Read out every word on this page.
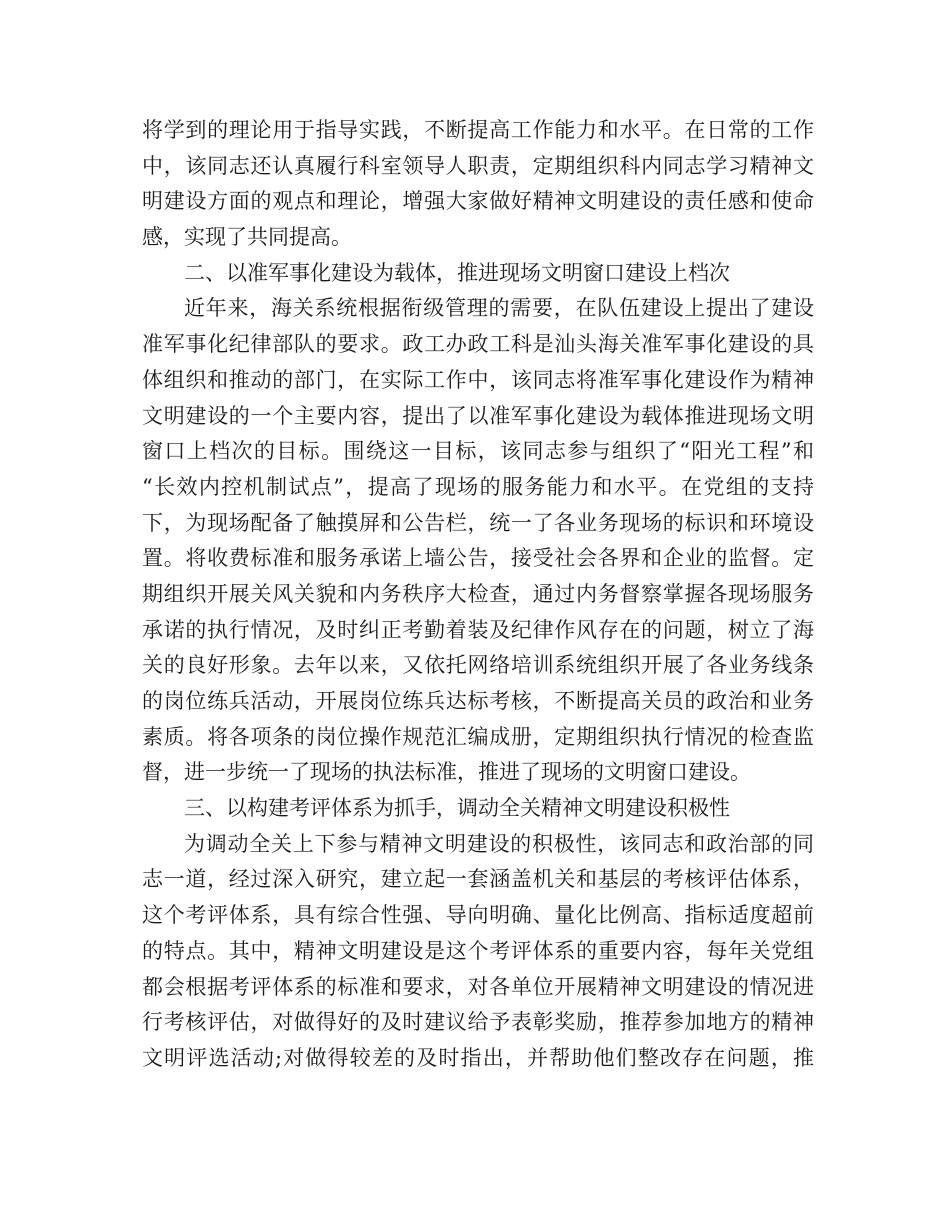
将学到的理论用于指导实践，不断提高工作能力和水平。在日常的工作
中，该同志还认真履行科室领导人职责，定期组织科内同志学习精神文
明建设方面的观点和理论，增强大家做好精神文明建设的责任感和使命
感，实现了共同提高。
二、以准军事化建设为载体，推进现场文明窗口建设上档次
近年来，海关系统根据衔级管理的需要，在队伍建设上提出了建设
准军事化纪律部队的要求。政工办政工科是汕头海关准军事化建设的具
体组织和推动的部门，在实际工作中，该同志将准军事化建设作为精神
文明建设的一个主要内容，提出了以准军事化建设为载体推进现场文明
窗口上档次的目标。围绕这一目标，该同志参与组织了“阳光工程”和
“长效内控机制试点”，提高了现场的服务能力和水平。在党组的支持
下，为现场配备了触摸屏和公告栏，统一了各业务现场的标识和环境设
置。将收费标准和服务承诺上墙公告，接受社会各界和企业的监督。定
期组织开展关风关貌和内务秩序大检查，通过内务督察掌握各现场服务
承诺的执行情况，及时纠正考勤着装及纪律作风存在的问题，树立了海
关的良好形象。去年以来，又依托网络培训系统组织开展了各业务线条
的岗位练兵活动，开展岗位练兵达标考核，不断提高关员的政治和业务
素质。将各项条的岗位操作规范汇编成册，定期组织执行情况的检查监
督，进一步统一了现场的执法标准，推进了现场的文明窗口建设。
三、以构建考评体系为抓手，调动全关精神文明建设积极性
为调动全关上下参与精神文明建设的积极性，该同志和政治部的同
志一道，经过深入研究，建立起一套涵盖机关和基层的考核评估体系，
这个考评体系，具有综合性强、导向明确、量化比例高、指标适度超前
的特点。其中，精神文明建设是这个考评体系的重要内容，每年关党组
都会根据考评体系的标准和要求，对各单位开展精神文明建设的情况进
行考核评估，对做得好的及时建议给予表彰奖励，推荐参加地方的精神
文明评选活动;对做得较差的及时指出，并帮助他们整改存在问题，推
